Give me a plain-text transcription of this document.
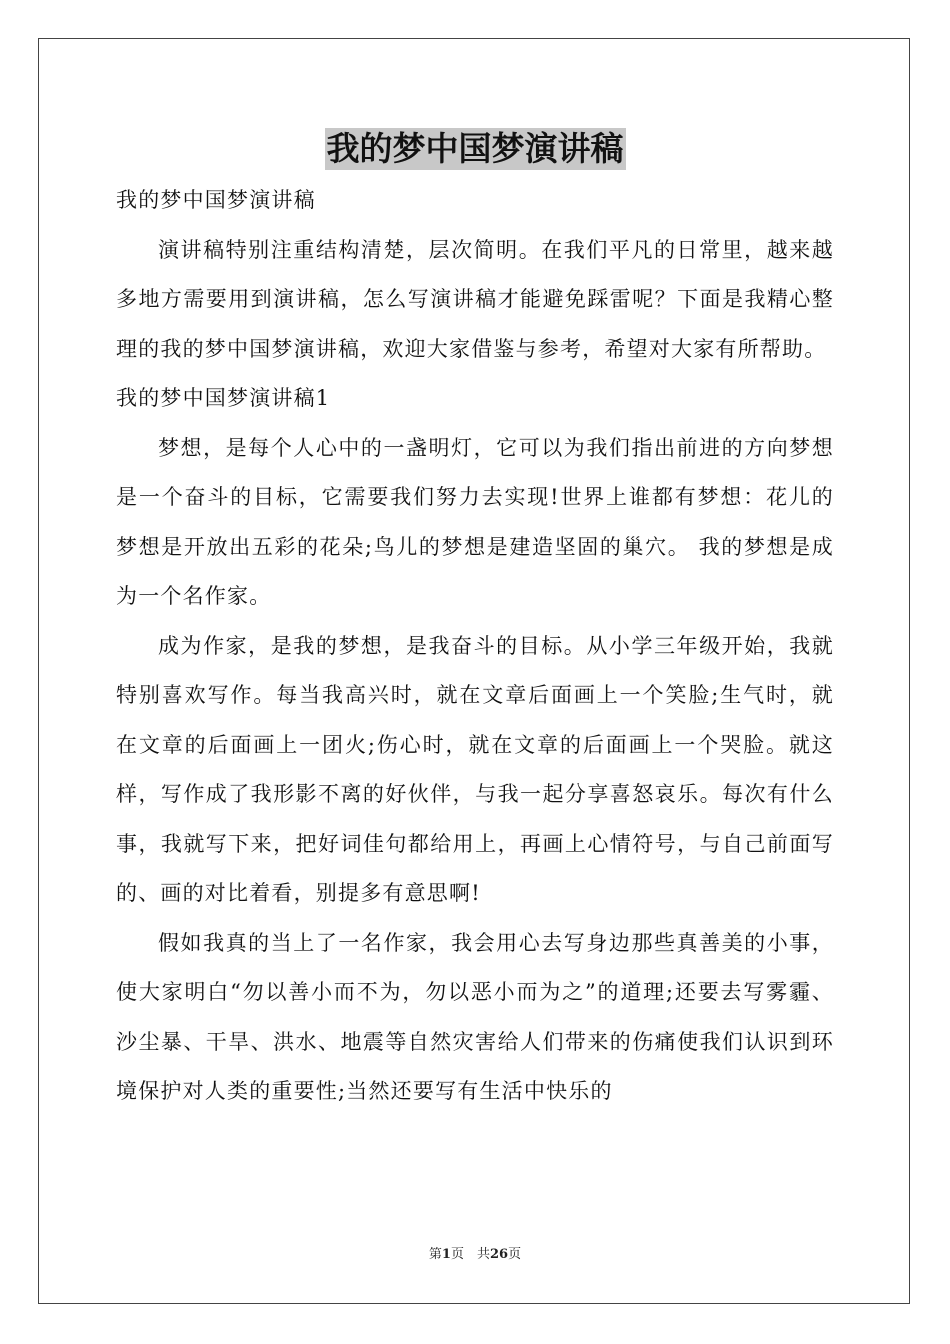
我的梦中国梦演讲稿

我的梦中国梦演讲稿

演讲稿特别注重结构清楚，层次简明。在我们平凡的日常里，越来越多地方需要用到演讲稿，怎么写演讲稿才能避免踩雷呢？下面是我精心整理的我的梦中国梦演讲稿，欢迎大家借鉴与参考，希望对大家有所帮助。

我的梦中国梦演讲稿1

梦想，是每个人心中的一盏明灯，它可以为我们指出前进的方向梦想是一个奋斗的目标，它需要我们努力去实现!世界上谁都有梦想：花儿的梦想是开放出五彩的花朵;鸟儿的梦想是建造坚固的巢穴。 我的梦想是成为一个名作家。

成为作家，是我的梦想，是我奋斗的目标。从小学三年级开始，我就特别喜欢写作。每当我高兴时，就在文章后面画上一个笑脸;生气时，就在文章的后面画上一团火;伤心时，就在文章的后面画上一个哭脸。就这样，写作成了我形影不离的好伙伴，与我一起分享喜怒哀乐。每次有什么事，我就写下来，把好词佳句都给用上，再画上心情符号，与自己前面写的、画的对比着看，别提多有意思啊!

假如我真的当上了一名作家，我会用心去写身边那些真善美的小事，使大家明白“勿以善小而不为，勿以恶小而为之”的道理;还要去写雾霾、沙尘暴、干旱、洪水、地震等自然灾害给人们带来的伤痛使我们认识到环境保护对人类的重要性;当然还要写有生活中快乐的

第1页　共26页
